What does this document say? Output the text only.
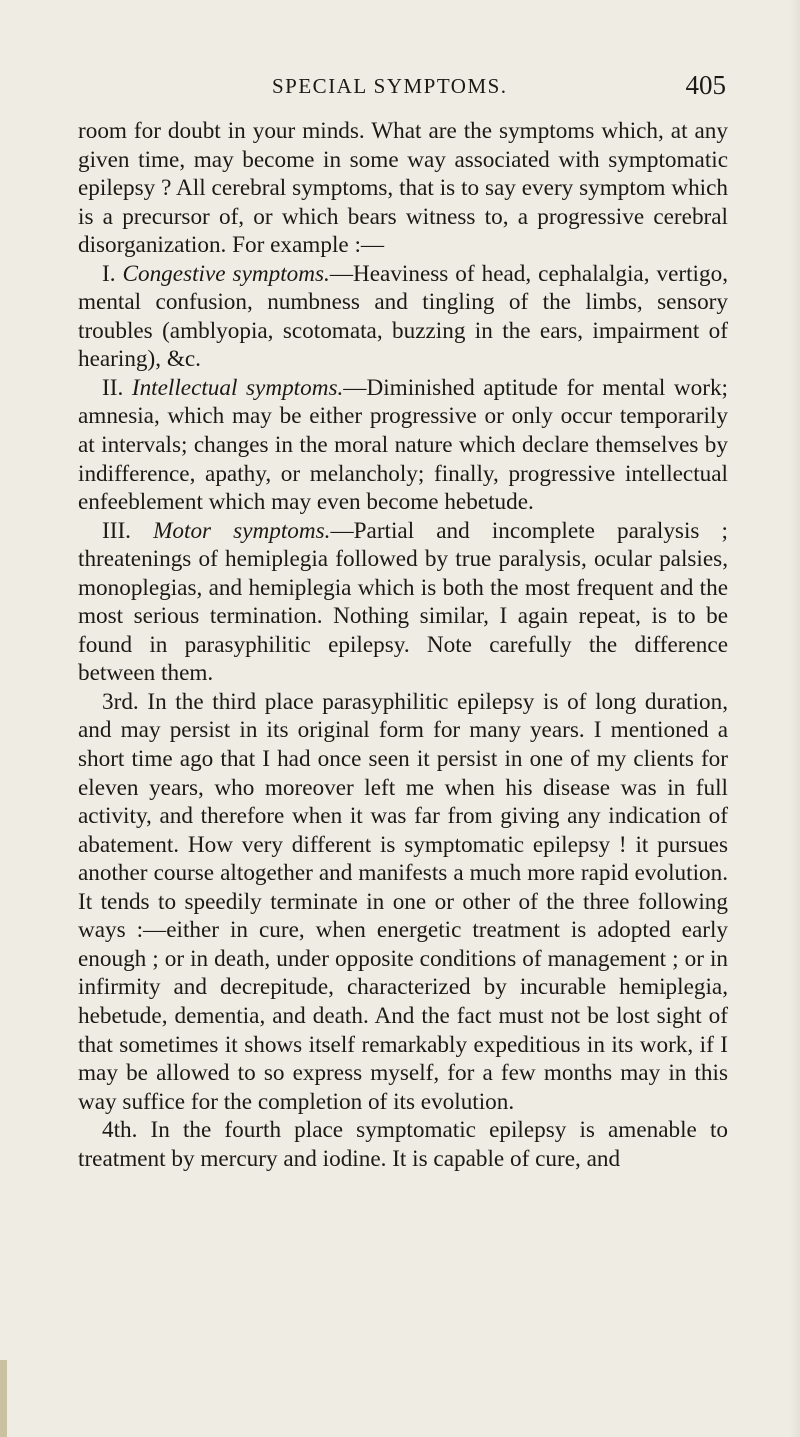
SPECIAL SYMPTOMS.	405

room for doubt in your minds. What are the symptoms which, at any given time, may become in some way associated with symptomatic epilepsy ? All cerebral symptoms, that is to say every symptom which is a precursor of, or which bears witness to, a progressive cerebral disorganization. For example :—

I. Congestive symptoms.—Heaviness of head, cephalalgia, vertigo, mental confusion, numbness and tingling of the limbs, sensory troubles (amblyopia, scotomata, buzzing in the ears, impairment of hearing), &c.

II. Intellectual symptoms.—Diminished aptitude for mental work; amnesia, which may be either progressive or only occur temporarily at intervals; changes in the moral nature which declare themselves by indifference, apathy, or melancholy; finally, progressive intellectual enfeeblement which may even become hebetude.

III. Motor symptoms.—Partial and incomplete paralysis ; threatenings of hemiplegia followed by true paralysis, ocular palsies, monoplegias, and hemiplegia which is both the most frequent and the most serious termination. Nothing similar, I again repeat, is to be found in parasyphilitic epilepsy. Note carefully the difference between them.

3rd. In the third place parasyphilitic epilepsy is of long duration, and may persist in its original form for many years. I mentioned a short time ago that I had once seen it persist in one of my clients for eleven years, who moreover left me when his disease was in full activity, and therefore when it was far from giving any indication of abatement. How very different is symptomatic epilepsy ! it pursues another course altogether and manifests a much more rapid evolution. It tends to speedily terminate in one or other of the three following ways :—either in cure, when energetic treatment is adopted early enough ; or in death, under opposite conditions of management ; or in infirmity and decrepitude, characterized by incurable hemiplegia, hebetude, dementia, and death. And the fact must not be lost sight of that sometimes it shows itself remarkably expeditious in its work, if I may be allowed to so express myself, for a few months may in this way suffice for the completion of its evolution.

4th. In the fourth place symptomatic epilepsy is amenable to treatment by mercury and iodine. It is capable of cure, and
